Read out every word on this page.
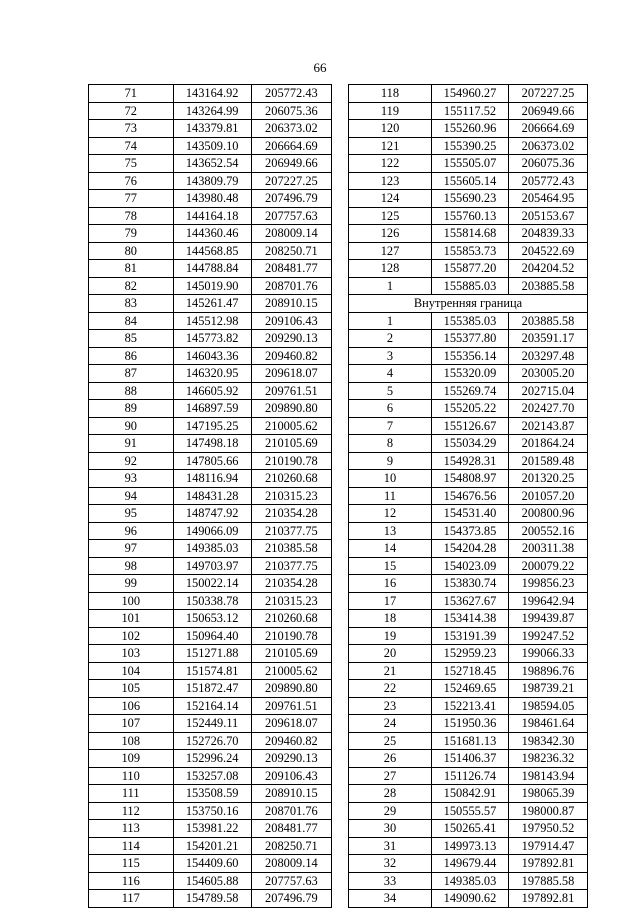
66
71	143164.92	205772.43
72	143264.99	206075.36
73	143379.81	206373.02
74	143509.10	206664.69
75	143652.54	206949.66
76	143809.79	207227.25
77	143980.48	207496.79
78	144164.18	207757.63
79	144360.46	208009.14
80	144568.85	208250.71
81	144788.84	208481.77
82	145019.90	208701.76
83	145261.47	208910.15
84	145512.98	209106.43
85	145773.82	209290.13
86	146043.36	209460.82
87	146320.95	209618.07
88	146605.92	209761.51
89	146897.59	209890.80
90	147195.25	210005.62
91	147498.18	210105.69
92	147805.66	210190.78
93	148116.94	210260.68
94	148431.28	210315.23
95	148747.92	210354.28
96	149066.09	210377.75
97	149385.03	210385.58
98	149703.97	210377.75
99	150022.14	210354.28
100	150338.78	210315.23
101	150653.12	210260.68
102	150964.40	210190.78
103	151271.88	210105.69
104	151574.81	210005.62
105	151872.47	209890.80
106	152164.14	209761.51
107	152449.11	209618.07
108	152726.70	209460.82
109	152996.24	209290.13
110	153257.08	209106.43
111	153508.59	208910.15
112	153750.16	208701.76
113	153981.22	208481.77
114	154201.21	208250.71
115	154409.60	208009.14
116	154605.88	207757.63
117	154789.58	207496.79
118	154960.27	207227.25
119	155117.52	206949.66
120	155260.96	206664.69
121	155390.25	206373.02
122	155505.07	206075.36
123	155605.14	205772.43
124	155690.23	205464.95
125	155760.13	205153.67
126	155814.68	204839.33
127	155853.73	204522.69
128	155877.20	204204.52
1	155885.03	203885.58
Внутренняя граница		
1	155385.03	203885.58
2	155377.80	203591.17
3	155356.14	203297.48
4	155320.09	203005.20
5	155269.74	202715.04
6	155205.22	202427.70
7	155126.67	202143.87
8	155034.29	201864.24
9	154928.31	201589.48
10	154808.97	201320.25
11	154676.56	201057.20
12	154531.40	200800.96
13	154373.85	200552.16
14	154204.28	200311.38
15	154023.09	200079.22
16	153830.74	199856.23
17	153627.67	199642.94
18	153414.38	199439.87
19	153191.39	199247.52
20	152959.23	199066.33
21	152718.45	198896.76
22	152469.65	198739.21
23	152213.41	198594.05
24	151950.36	198461.64
25	151681.13	198342.30
26	151406.37	198236.32
27	151126.74	198143.94
28	150842.91	198065.39
29	150555.57	198000.87
30	150265.41	197950.52
31	149973.13	197914.47
32	149679.44	197892.81
33	149385.03	197885.58
34	149090.62	197892.81
